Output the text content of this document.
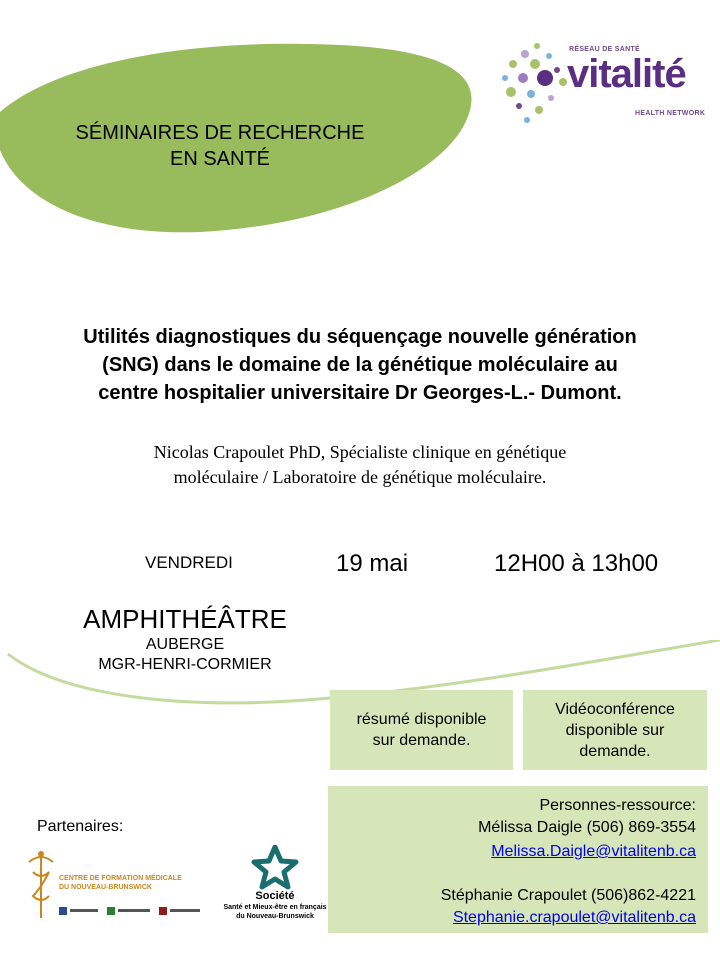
SÉMINAIRES DE RECHERCHE
EN SANTÉ
RÉSEAU DE SANTÉ
vitalité
HEALTH NETWORK
Utilités diagnostiques du séquençage nouvelle génération
(SNG) dans le domaine de la génétique moléculaire au
centre hospitalier universitaire Dr Georges-L.- Dumont.
Nicolas Crapoulet PhD, Spécialiste clinique en génétique
moléculaire / Laboratoire de génétique moléculaire.
VENDREDI	19 mai	12H00 à 13h00
AMPHITHÉÂTRE
AUBERGE
MGR-HENRI-CORMIER
résumé disponible
sur demande.
Vidéoconférence
disponible sur
demande.
Personnes-ressource:
Mélissa Daigle (506) 869-3554
Melissa.Daigle@vitalitenb.ca
Stéphanie Crapoulet (506)862-4221
Stephanie.crapoulet@vitalitenb.ca
Partenaires:
CENTRE DE FORMATION MÉDICALE
DU NOUVEAU-BRUNSWICK
Société
Santé et Mieux-être en français
du Nouveau-Brunswick
